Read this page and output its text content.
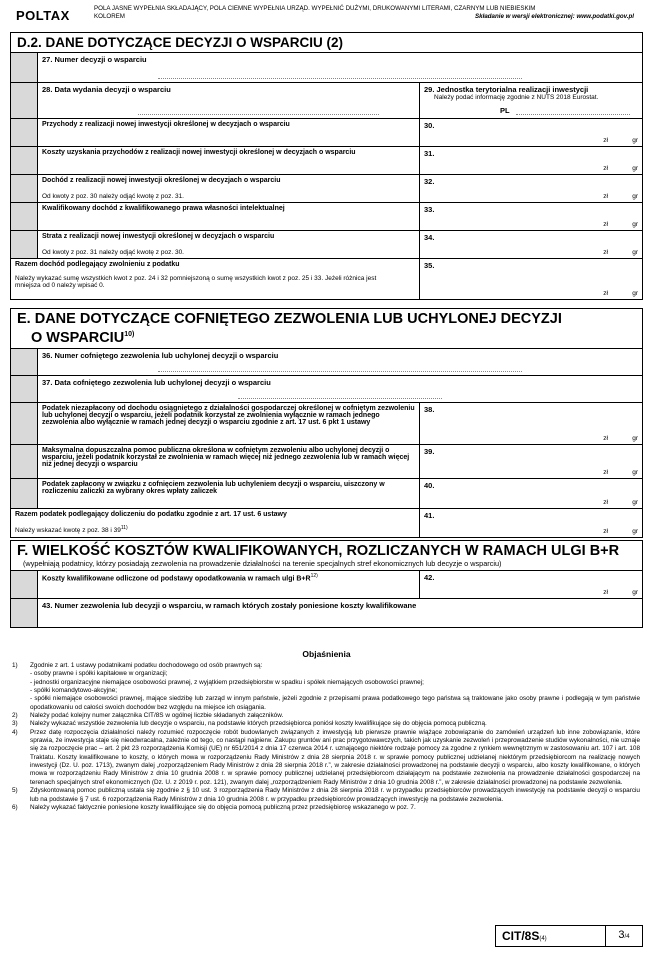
POLTAX	POLA JASNE WYPEŁNIA SKŁADAJĄCY, POLA CIEMNE WYPEŁNIA URZĄD. WYPEŁNIĆ DUŻYMI, DRUKOWANYMI LITERAMI, CZARNYM LUB NIEBIESKIM
KOLOREM	Składanie w wersji elektronicznej: www.podatki.gov.pl
D.2. DANE DOTYCZĄCE DECYZJI O WSPARCIU (2)
27. Numer decyzji o wsparciu
28. Data wydania decyzji o wsparciu	29. Jednostka terytorialna realizacji inwestycji
Należy podać informację zgodnie z NUTS 2018 Eurostat.
PL
Przychody z realizacji nowej inwestycji określonej w decyzjach o wsparciu	30.
zł	gr
Koszty uzyskania przychodów z realizacji nowej inwestycji określonej w decyzjach o wsparciu	31.
zł	gr
Dochód z realizacji nowej inwestycji określonej w decyzjach o wsparciu
Od kwoty z poz. 30 należy odjąć kwotę z poz. 31.
32.
zł	gr
Kwalifikowany dochód z kwalifikowanego prawa własności intelektualnej	33.
zł	gr
Strata z realizacji nowej inwestycji określonej w decyzjach o wsparciu
Od kwoty z poz. 31 należy odjąć kwotę z poz. 30.
34.
zł	gr
Razem dochód podlegający zwolnieniu z podatku
Należy wykazać sumę wszystkich kwot z poz. 24 i 32 pomniejszoną o sumę wszystkich kwot z poz. 25 i 33. Jeżeli różnica jest mniejsza od 0 należy wpisać 0.
35.
zł	gr
E. DANE DOTYCZĄCE COFNIĘTEGO ZEZWOLENIA LUB UCHYLONEJ DECYZJI
O WSPARCIU$^{10)}$
36. Numer cofniętego zezwolenia lub uchylonej decyzji o wsparciu
37. Data cofniętego zezwolenia lub uchylonej decyzji o wsparciu
Podatek niezapłacony od dochodu osiągniętego z działalności gospodarczej określonej w cofniętym zezwoleniu lub uchylonej decyzji o wsparciu, jeżeli podatnik korzystał ze zwolnienia wyłącznie w ramach jednego zezwolenia albo wyłącznie w ramach jednej decyzji o wsparciu zgodnie z art. 17 ust. 6 pkt 1 ustawy
38.
zł	gr
Maksymalna dopuszczalna pomoc publiczna określona w cofniętym zezwoleniu albo uchylonej decyzji o wsparciu, jeżeli podatnik korzystał ze zwolnienia w ramach więcej niż jednego zezwolenia lub w ramach więcej niż jednej decyzji o wsparciu
39.
zł	gr
Podatek zapłacony w związku z cofnięciem zezwolenia lub uchyleniem decyzji o wsparciu, uiszczony w rozliczeniu zaliczki za wybrany okres wpłaty zaliczek
40.
zł	gr
Razem podatek podlegający doliczeniu do podatku zgodnie z art. 17 ust. 6 ustawy
Należy wskazać kwotę z poz. 38 i 39$^{11)}$
41.
zł	gr
F. WIELKOŚĆ KOSZTÓW KWALIFIKOWANYCH, ROZLICZANYCH W RAMACH ULGI B+R
(wypełniają podatnicy, którzy posiadają zezwolenia na prowadzenie działalności na terenie specjalnych stref ekonomicznych lub decyzje o wsparciu)
Koszty kwalifikowane odliczone od podstawy opodatkowania w ramach ulgi $B+R^{12)}$	42.
zł	gr
43. Numer zezwolenia lub decyzji o wsparciu, w ramach których zostały poniesione koszty kwalifikowane
Objaśnienia
1)	Zgodnie z art. 1 ustawy podatnikami podatku dochodowego od osób prawnych są:
- osoby prawne i spółki kapitałowe w organizacji;
- jednostki organizacyjne niemające osobowości prawnej, z wyjątkiem przedsiębiorstw w spadku i spółek niemających osobowości prawnej;
- spółki komandytowo-akcyjne;
- spółki niemające osobowości prawnej, mające siedzibę lub zarząd w innym państwie, jeżeli zgodnie z przepisami prawa podatkowego tego państwa są traktowane jako osoby prawne i podlegają w tym państwie opodatkowaniu od całości swoich dochodów bez względu na miejsce ich osiągania.
2)	Należy podać kolejny numer załącznika CIT/8S w ogólnej liczbie składanych załączników.
3)	Należy wykazać wszystkie zezwolenia lub decyzje o wsparciu, na podstawie których przedsiębiorca poniósł koszty kwalifikujące się do objęcia pomocą publiczną.
4)	Przez datę rozpoczęcia działalności należy rozumieć rozpoczęcie robót budowlanych związanych z inwestycją lub pierwsze prawnie wiążące zobowiązanie do zamówień urządzeń lub inne zobowiązanie, które sprawia, że inwestycja staje się nieodwracalna, zależnie od tego, co nastąpi najpierw. Zakupu gruntów ani prac przygotowawczych, takich jak uzyskanie zezwoleń i przeprowadzenie studiów wykonalności, nie uznaje się za rozpoczęcie prac – art. 2 pkt 23 rozporządzenia Komisji (UE) nr 651/2014 z dnia 17 czerwca 2014 r. uznającego niektóre rodzaje pomocy za zgodne z rynkiem wewnętrznym w zastosowaniu art. 107 i art. 108 Traktatu. Koszty kwalifikowane to koszty, o których mowa w rozporządzeniu Rady Ministrów z dnia 28 sierpnia 2018 r. w sprawie pomocy publicznej udzielanej niektórym przedsiębiorcom na realizację nowych inwestycji (Dz. U. poz. 1713), zwanym dalej „rozporządzeniem Rady Ministrów z dnia 28 sierpnia 2018 r.”, w zakresie działalności prowadzonej na podstawie decyzji o wsparciu, albo koszty kwalifikowane, o których mowa w rozporządzeniu Rady Ministrów z dnia 10 grudnia 2008 r. w sprawie pomocy publicznej udzielanej przedsiębiorcom działającym na podstawie zezwolenia na prowadzenie działalności gospodarczej na terenach specjalnych stref ekonomicznych (Dz. U. z 2019 r. poz. 121), zwanym dalej „rozporządzeniem Rady Ministrów z dnia 10 grudnia 2008 r.”, w zakresie działalności prowadzonej na podstawie zezwolenia.
5)	Zdyskontowaną pomoc publiczną ustala się zgodnie z § 10 ust. 3 rozporządzenia Rady Ministrów z dnia 28 sierpnia 2018 r. w przypadku przedsiębiorców prowadzących inwestycję na podstawie decyzji o wsparciu lub na podstawie § 7 ust. 6 rozporządzenia Rady Ministrów z dnia 10 grudnia 2008 r. w przypadku przedsiębiorców prowadzących inwestycję na podstawie zezwolenia.
6)	Należy wykazać faktycznie poniesione koszty kwalifikujące się do objęcia pomocą publiczną przez przedsiębiorcę wskazanego w poz. 7.
CIT/8S(4)	3/4
